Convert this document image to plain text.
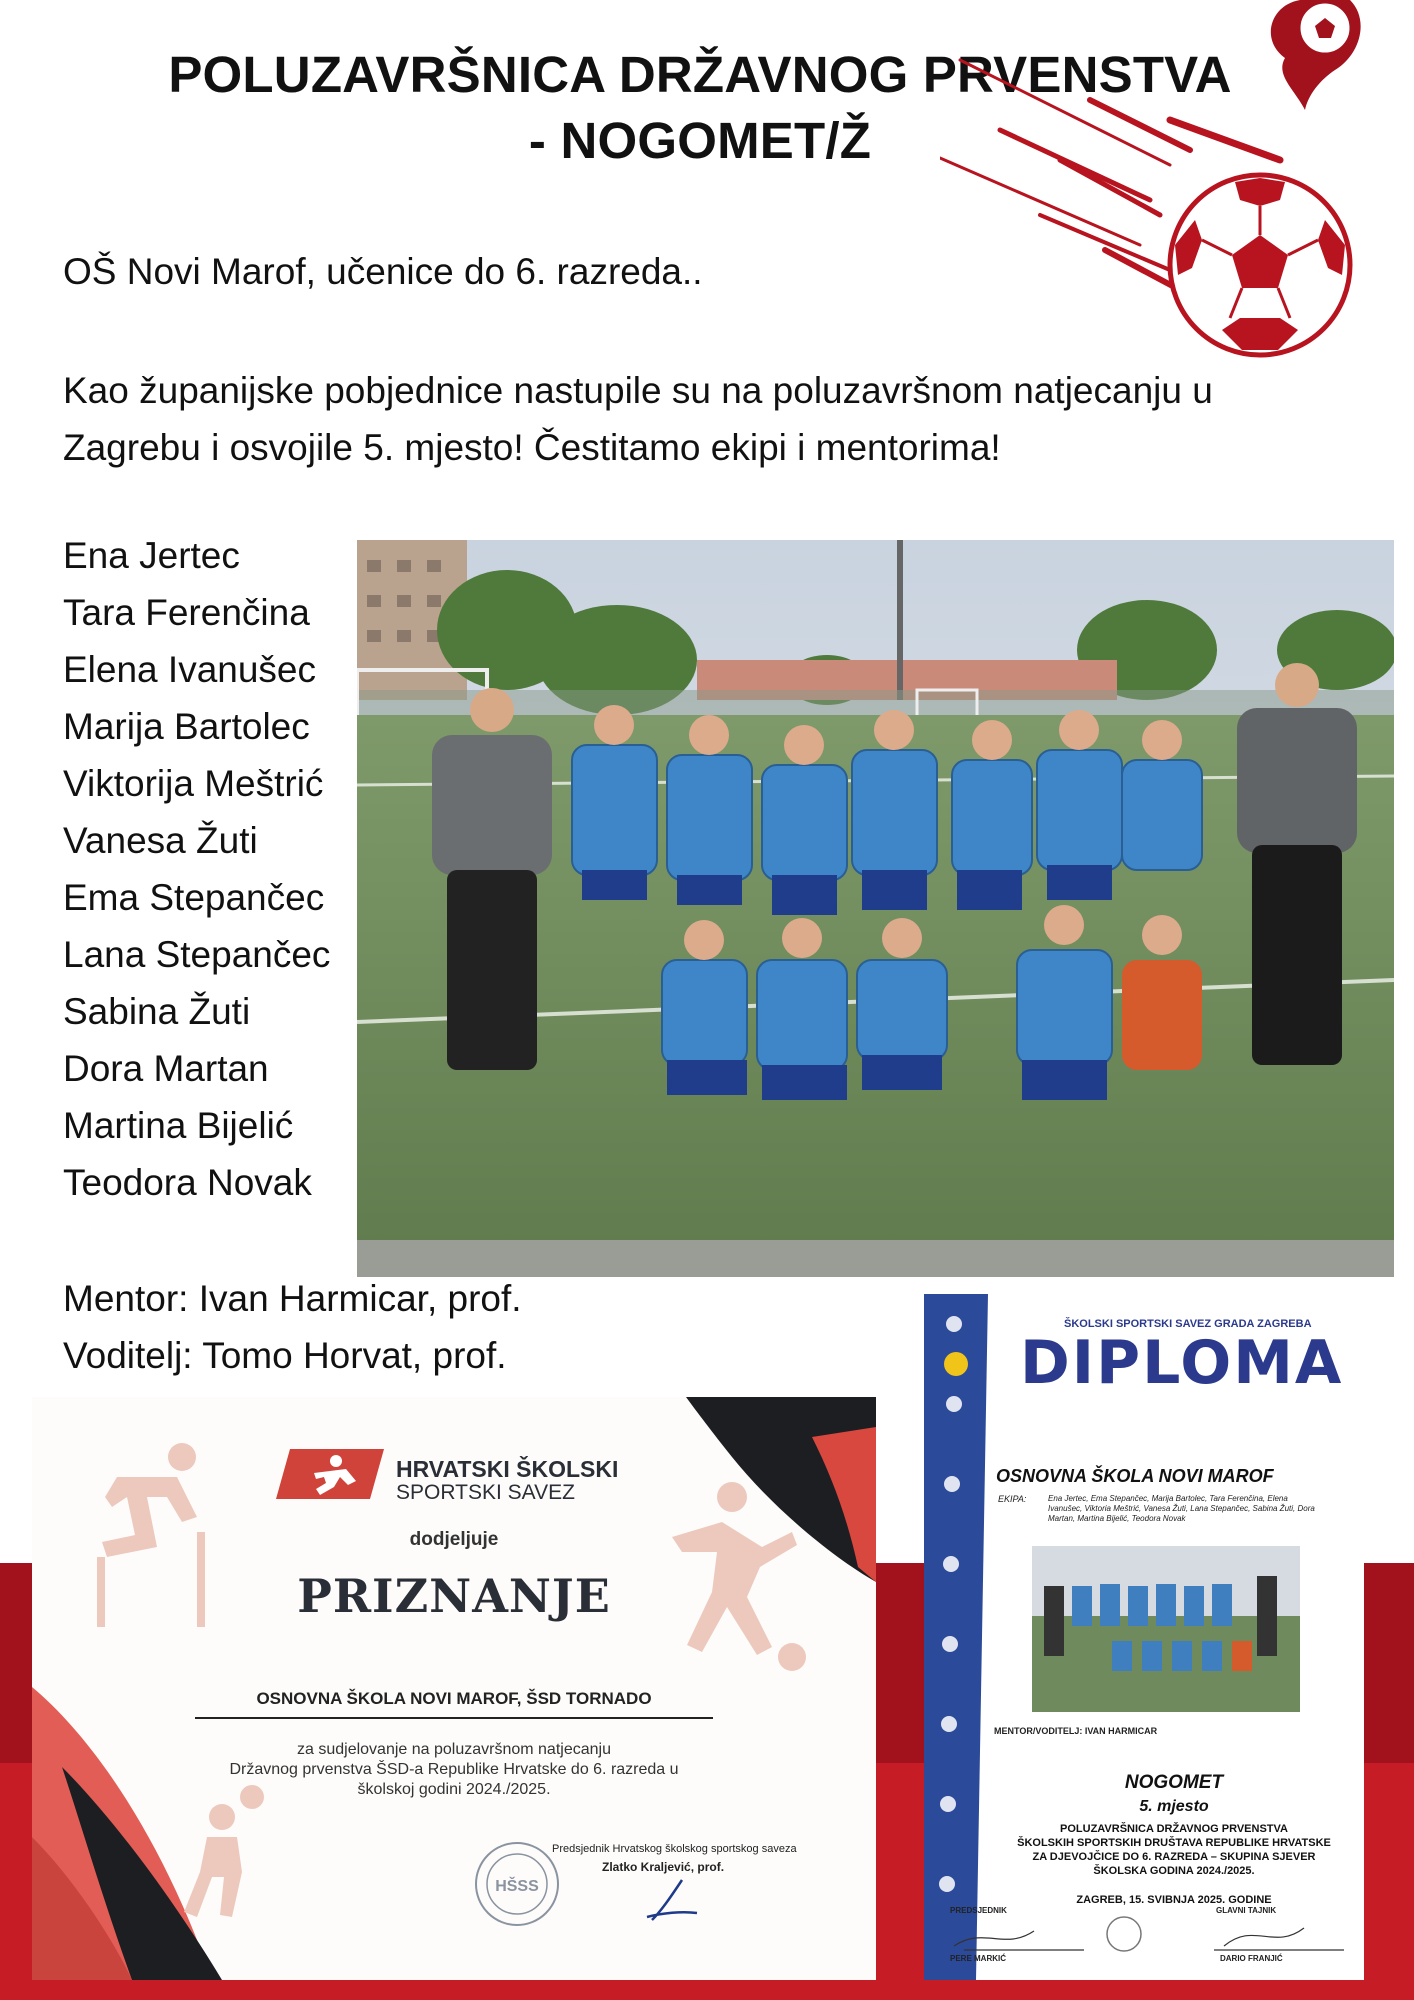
POLUZAVRŠNICA DRŽAVNOG PRVENSTVA
- NOGOMET/Ž

OŠ Novi Marof, učenice do 6. razreda..

Kao županijske pobjednice nastupile su na poluzavršnom natjecanju u
Zagrebu i osvojile 5. mjesto! Čestitamo ekipi i mentorima!

Ena Jertec
Tara Ferenčina
Elena Ivanušec
Marija Bartolec
Viktorija Meštrić
Vanesa Žuti
Ema Stepančec
Lana Stepančec
Sabina Žuti
Dora Martan
Martina Bijelić
Teodora Novak
Mentor: Ivan Harmicar, prof.
Voditelj: Tomo Horvat, prof.
HRVATSKI ŠKOLSKI
SPORTSKI SAVEZ
dodjeljuje
PRIZNANJE
OSNOVNA ŠKOLA NOVI MAROF, ŠSD TORNADO
za sudjelovanje na poluzavršnom natjecanju
Državnog prvenstva ŠSD-a Republike Hrvatske do 6. razreda u
školskoj godini 2024./2025.
HŠSS
Predsjednik Hrvatskog školskog sportskog saveza
Zlatko Kraljević, prof.
ŠKOLSKI SPORTSKI SAVEZ GRADA ZAGREBA
DIPLOMA
OSNOVNA ŠKOLA NOVI MAROF
EKIPA:	Ena Jertec, Ema Stepančec, Marija Bartolec, Tara Ferenčina, Elena Ivanušec, Viktoria Meštrić, Vanesa Žuti, Lana Stepančec, Sabina Žuti, Dora Martan, Martina Bijelić, Teodora Novak
MENTOR/VODITELJ: IVAN HARMICAR
NOGOMET
5. mjesto
POLUZAVRŠNICA DRŽAVNOG PRVENSTVA
ŠKOLSKIH SPORTSKIH DRUŠTAVA REPUBLIKE HRVATSKE
ZA DJEVOJČICE DO 6. RAZREDA – SKUPINA SJEVER
ŠKOLSKA GODINA 2024./2025.
ZAGREB, 15. SVIBNJA 2025. GODINE
PREDSJEDNIK
PERE MARKIĆ
GLAVNI TAJNIK
DARIO FRANJIĆ
